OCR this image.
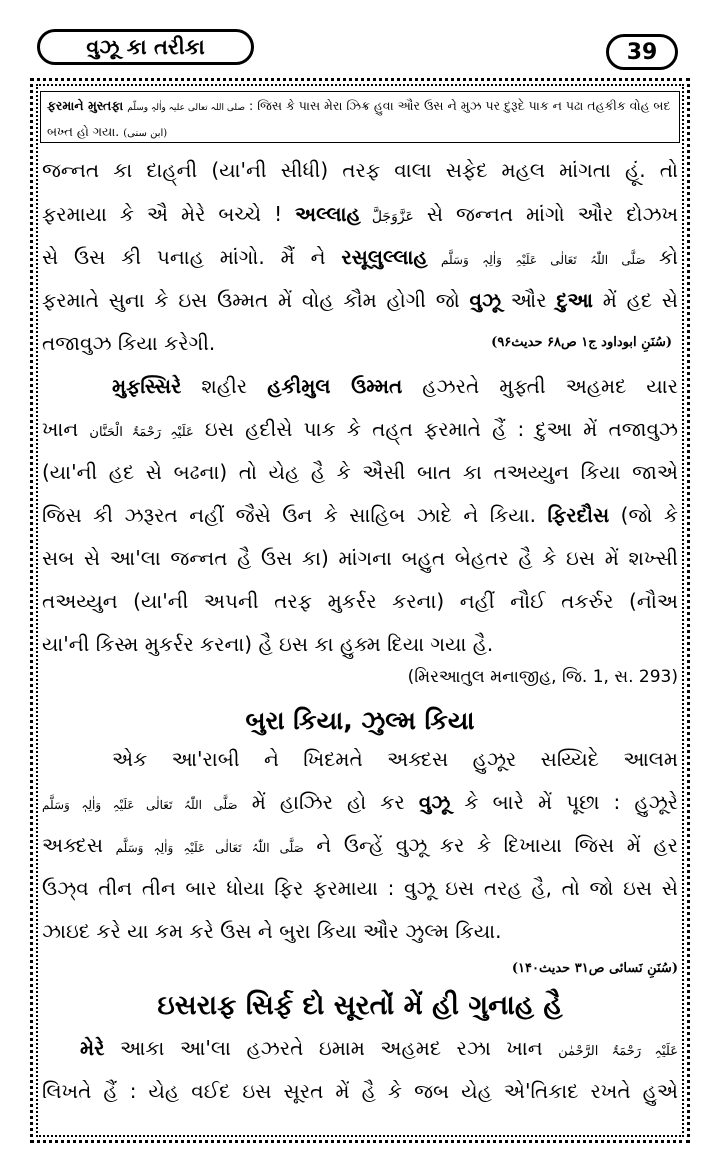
વુઝૂ કા તરીકા	39
ફરમાને મુસ્તફા صلی اللہ تعالی علیہ واٰلہٖ وسلّم : જિસ કે પાસ મેરા ઝિક્ર હુવા ઔર ઉસ ને મુઝ પર દુરૂદે પાક ન પઢા તહકીક વોહ બદ બખ્ત હો ગયા. (ابن سنی)
જન્નત કા દાહ્‌ની (યા'ની સીધી) તરફ વાલા સફેદ મહલ માંગતા હૂં. તો
ફરમાયા કે ઐ મેરે બચ્ચે ! અલ્લાહ عَزَّوَجَلَّ સે જન્નત માંગો ઔર દોઝખ
સે ઉસ કી પનાહ માંગો. મૈં ને રસૂલુલ્લાહ صَلَّی اللّٰہُ تَعَالٰی عَلَیْہِ وَاٰلِہٖ وَسَلَّم કો
ફરમાતે સુના કે ઇસ ઉમ્મત મેં વોહ કૌમ હોગી જો વુઝૂ ઔર દુઆ મેં હદ સે
તજાવુઝ કિયા કરેગી.	(سُنَنِ ابوداود ج۱ ص۶۸ حدیث۹۶)
મુફસ્સિરે શહીર હકીમુલ ઉમ્મત હઝરતે મુફ્તી અહમદ યાર
ખાન عَلَیْہِ رَحْمَۃُ الْحَنَّان ઇસ હદીસે પાક કે તહ્‌ત ફરમાતે હૈં : દુઆ મેં તજાવુઝ
(યા'ની હદ સે બઢના) તો યેહ હૈ કે ઐસી બાત કા તઅય્યુન કિયા જાએ
જિસ કી ઝરૂરત નહીં જૈસે ઉન કે સાહિબ ઝાદે ને કિયા. ફિરદૌસ (જો કે
સબ સે આ'લા જન્નત હૈ ઉસ કા) માંગના બહુત બેહતર હૈ કે ઇસ મેં શખ્સી
તઅય્યુન (યા'ની અપની તરફ મુકર્રર કરના) નહીં નૌઈ તકર્રુર (નૌઅ
યા'ની કિસ્મ મુકર્રર કરના) હૈ ઇસ કા હુક્મ દિયા ગયા હૈ.
(મિરઆતુલ મનાજીહ, જિ. 1, સ. 293)
બુરા કિયા, ઝુલ્મ કિયા
એક આ'રાબી ને ખિદમતે અક્દસ હુઝૂર સય્યિદે આલમ
صَلَّی اللّٰہُ تَعَالٰی عَلَیْہِ وَاٰلِہٖ وَسَلَّم મેં હાઝિર હો કર વુઝૂ કે બારે મેં પૂછા : હુઝૂરે
અક્દસ صَلَّی اللّٰہُ تَعَالٰی عَلَیْہِ وَاٰلِہٖ وَسَلَّم ને ઉન્હેં વુઝૂ કર કે દિખાયા જિસ મેં હર
ઉઝ્‌વ તીન તીન બાર ધોયા ફિર ફરમાયા : વુઝૂ ઇસ તરહ હૈ, તો જો ઇસ સે
ઝાઇદ કરે યા કમ કરે ઉસ ને બુરા કિયા ઔર ઝુલ્મ કિયા.
(سُنَنِ نَسائی ص۳۱ حدیث۱۴۰)
ઇસરાફ સિર્ફ દો સૂરતોં મેં હી ગુનાહ હૈ
મેરે આકા આ'લા હઝરતે ઇમામ અહમદ રઝા ખાન عَلَیْہِ رَحْمَۃُ الرَّحْمٰن
લિખતે હૈં : યેહ વઈદ ઇસ સૂરત મેં હૈ કે જબ યેહ એ'તિકાદ રખતે હુએ
